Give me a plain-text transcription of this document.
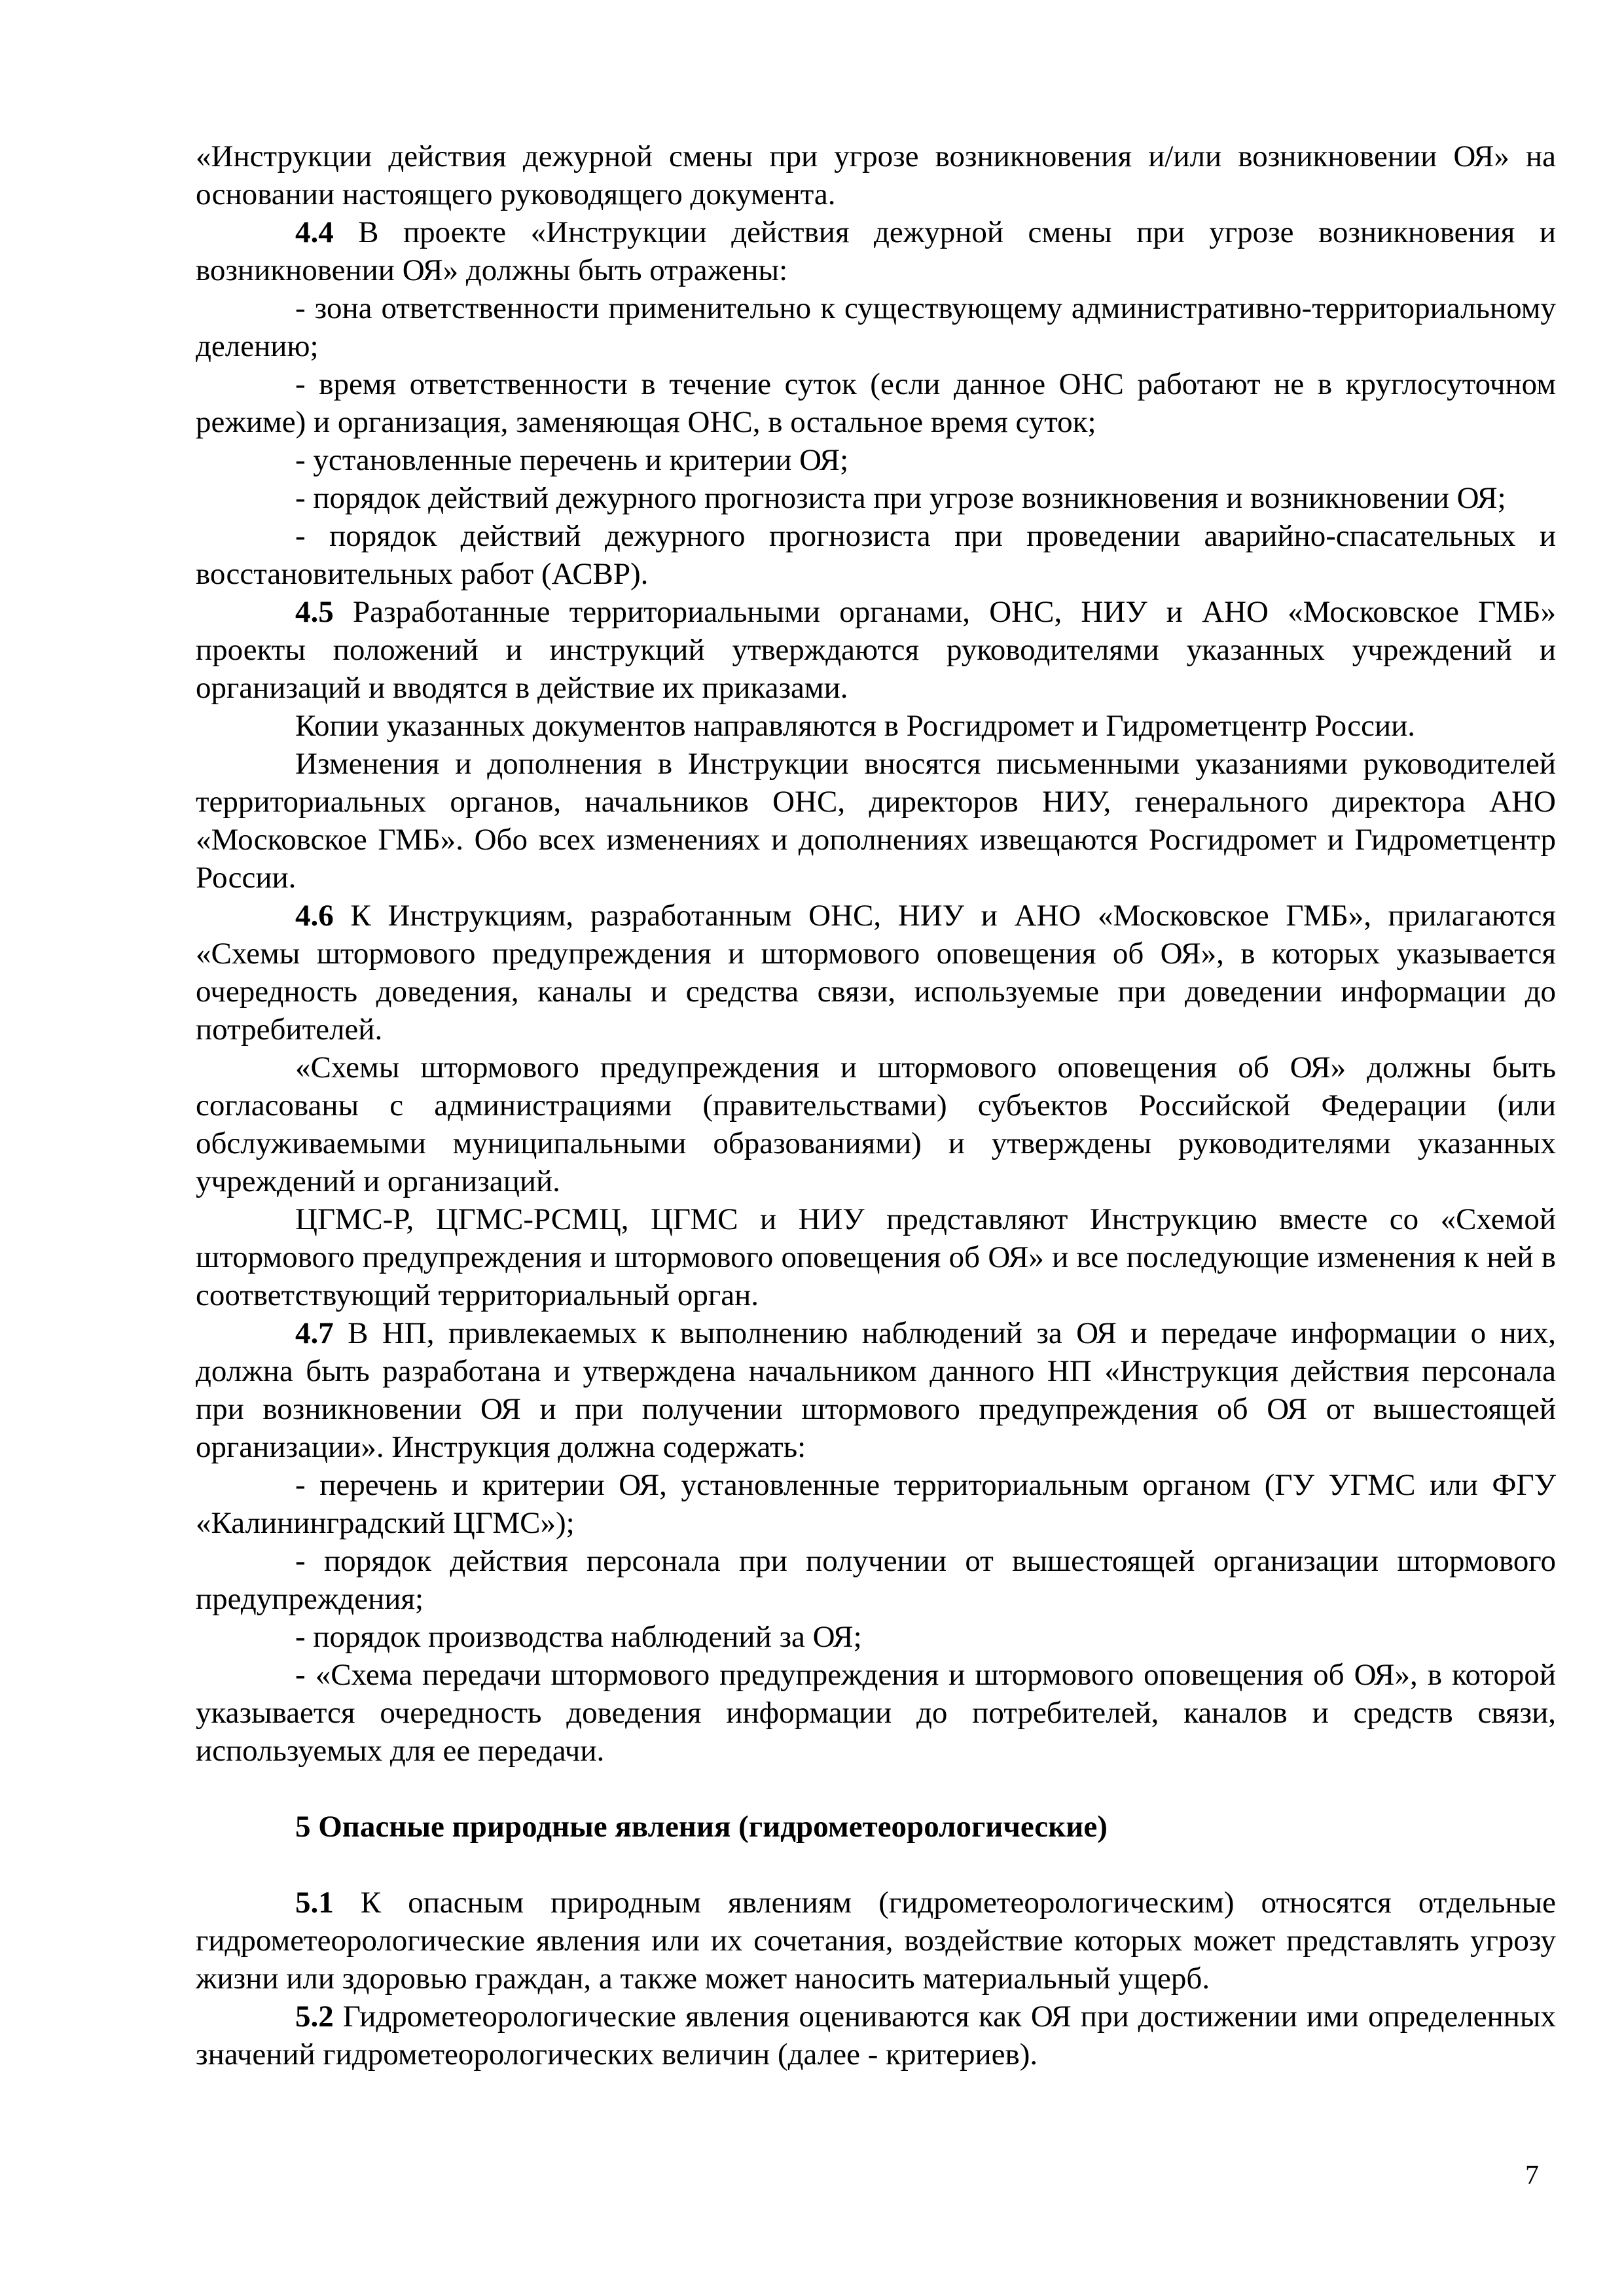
«Инструкции действия дежурной смены при угрозе возникновения и/или возникновении ОЯ» на основании настоящего руководящего документа.

4.4 В проекте «Инструкции действия дежурной смены при угрозе возникновения и возникновении ОЯ» должны быть отражены:

- зона ответственности применительно к существующему административно-территориальному делению;

- время ответственности в течение суток (если данное ОНС работают не в круглосуточном режиме) и организация, заменяющая ОНС, в остальное время суток;

- установленные перечень и критерии ОЯ;

- порядок действий дежурного прогнозиста при угрозе возникновения и возникновении ОЯ;

- порядок действий дежурного прогнозиста при проведении аварийно-спасательных и восстановительных работ (АСВР).

4.5 Разработанные территориальными органами, ОНС, НИУ и АНО «Московское ГМБ» проекты положений и инструкций утверждаются руководителями указанных учреждений и организаций и вводятся в действие их приказами.

Копии указанных документов направляются в Росгидромет и Гидрометцентр России.

Изменения и дополнения в Инструкции вносятся письменными указаниями руководителей территориальных органов, начальников ОНС, директоров НИУ, генерального директора АНО «Московское ГМБ». Обо всех изменениях и дополнениях извещаются Росгидромет и Гидрометцентр России.

4.6 К Инструкциям, разработанным ОНС, НИУ и АНО «Московское ГМБ», прилагаются «Схемы штормового предупреждения и штормового оповещения об ОЯ», в которых указывается очередность доведения, каналы и средства связи, используемые при доведении информации до потребителей.

«Схемы штормового предупреждения и штормового оповещения об ОЯ» должны быть согласованы с администрациями (правительствами) субъектов Российской Федерации (или обслуживаемыми муниципальными образованиями) и утверждены руководителями указанных учреждений и организаций.

ЦГМС-Р, ЦГМС-РСМЦ, ЦГМС и НИУ представляют Инструкцию вместе со «Схемой штормового предупреждения и штормового оповещения об ОЯ» и все последующие изменения к ней в соответствующий территориальный орган.

4.7 В НП, привлекаемых к выполнению наблюдений за ОЯ и передаче информации о них, должна быть разработана и утверждена начальником данного НП «Инструкция действия персонала при возникновении ОЯ и при получении штормового предупреждения об ОЯ от вышестоящей организации». Инструкция должна содержать:

- перечень и критерии ОЯ, установленные территориальным органом (ГУ УГМС или ФГУ «Калининградский ЦГМС»);

- порядок действия персонала при получении от вышестоящей организации штормового предупреждения;

- порядок производства наблюдений за ОЯ;

- «Схема передачи штормового предупреждения и штормового оповещения об ОЯ», в которой указывается очередность доведения информации до потребителей, каналов и средств связи, используемых для ее передачи.

5 Опасные природные явления (гидрометеорологические)

5.1 К опасным природным явлениям (гидрометеорологическим) относятся отдельные гидрометеорологические явления или их сочетания, воздействие которых может представлять угрозу жизни или здоровью граждан, а также может наносить материальный ущерб.

5.2 Гидрометеорологические явления оцениваются как ОЯ при достижении ими определенных значений гидрометеорологических величин (далее - критериев).

7
